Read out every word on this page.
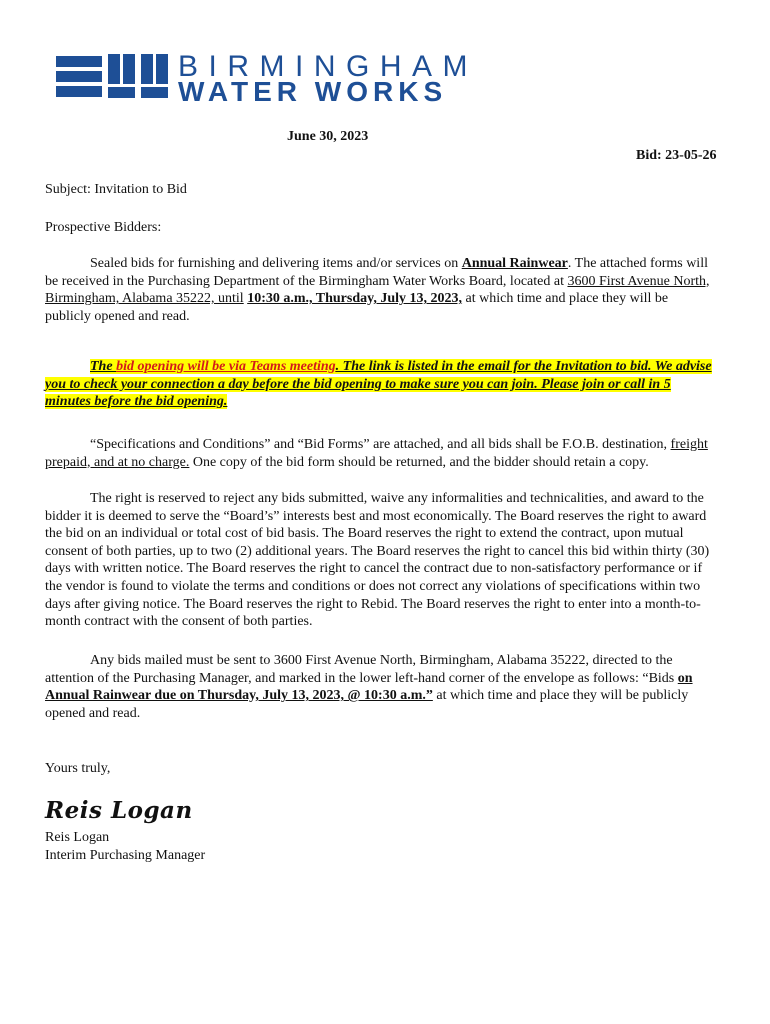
BIRMINGHAM
WATER WORKS
June 30, 2023
Bid: 23-05-26
Subject: Invitation to Bid
Prospective Bidders:
Sealed bids for furnishing and delivering items and/or services on Annual Rainwear. The attached forms will be received in the Purchasing Department of the Birmingham Water Works Board, located at 3600 First Avenue North, Birmingham, Alabama 35222, until 10:30 a.m., Thursday, July 13, 2023, at which time and place they will be publicly opened and read.
The bid opening will be via Teams meeting. The link is listed in the email for the Invitation to bid. We advise you to check your connection a day before the bid opening to make sure you can join. Please join or call in 5 minutes before the bid opening.
“Specifications and Conditions” and “Bid Forms” are attached, and all bids shall be F.O.B. destination, freight prepaid, and at no charge. One copy of the bid form should be returned, and the bidder should retain a copy.
The right is reserved to reject any bids submitted, waive any informalities and technicalities, and award to the bidder it is deemed to serve the “Board’s” interests best and most economically. The Board reserves the right to award the bid on an individual or total cost of bid basis. The Board reserves the right to extend the contract, upon mutual consent of both parties, up to two (2) additional years. The Board reserves the right to cancel this bid within thirty (30) days with written notice. The Board reserves the right to cancel the contract due to non-satisfactory performance or if the vendor is found to violate the terms and conditions or does not correct any violations of specifications within two days after giving notice. The Board reserves the right to Rebid. The Board reserves the right to enter into a month-to-month contract with the consent of both parties.
Any bids mailed must be sent to 3600 First Avenue North, Birmingham, Alabama 35222, directed to the attention of the Purchasing Manager, and marked in the lower left-hand corner of the envelope as follows: “Bids on Annual Rainwear due on Thursday, July 13, 2023, @ 10:30 a.m.” at which time and place they will be publicly opened and read.
Yours truly,
Reis Logan
Reis Logan
Interim Purchasing Manager
